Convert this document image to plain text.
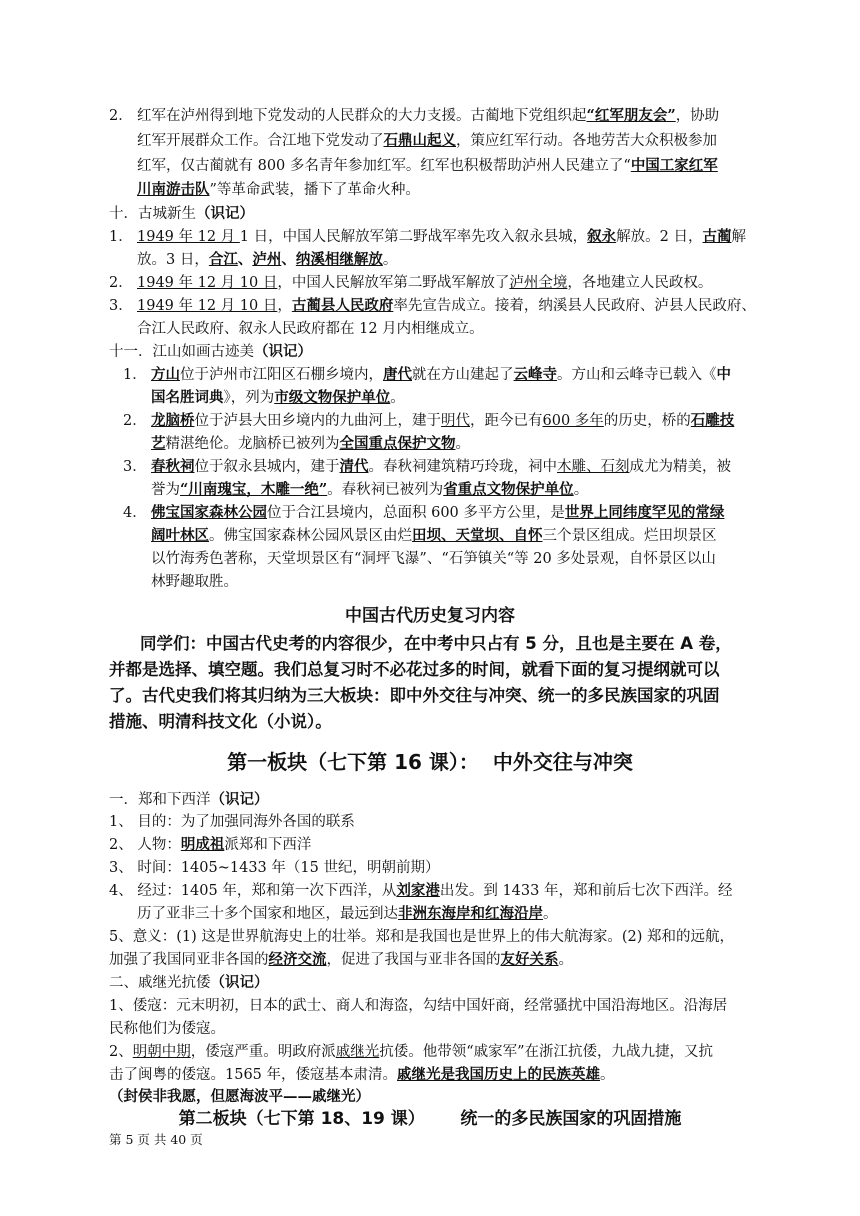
2． 红军在泸州得到地下党发动的人民群众的大力支援。古蔺地下党组织起“红军朋友会”，协助
红军开展群众工作。合江地下党发动了石鼎山起义，策应红军行动。各地劳苦大众积极参加
红军，仅古蔺就有 800 多名青年参加红军。红军也积极帮助泸州人民建立了“中国工家红军
川南游击队”等革命武装，播下了革命火种。
十．古城新生（识记）
1． 1949 年 12 月 1 日，中国人民解放军第二野战军率先攻入叙永县城，叙永解放。2 日，古蔺解
放。3 日，合江、泸州、纳溪相继解放。
2． 1949 年 12 月 10 日，中国人民解放军第二野战军解放了泸州全境，各地建立人民政权。
3． 1949 年 12 月 10 日，古蔺县人民政府率先宣告成立。接着，纳溪县人民政府、泸县人民政府、
合江人民政府、叙永人民政府都在 12 月内相继成立。
十一．江山如画古迹美（识记）
1． 方山位于泸州市江阳区石棚乡境内，唐代就在方山建起了云峰寺。方山和云峰寺已载入《中
国名胜词典》，列为市级文物保护单位。
2． 龙脑桥位于泸县大田乡境内的九曲河上，建于明代，距今已有600 多年的历史，桥的石雕技
艺精湛绝伦。龙脑桥已被列为全国重点保护文物。
3． 春秋祠位于叙永县城内，建于清代。春秋祠建筑精巧玲珑，祠中木雕、石刻成尤为精美，被
誉为“川南瑰宝，木雕一绝”。春秋祠已被列为省重点文物保护单位。
4． 佛宝国家森林公园位于合江县境内，总面积 600 多平方公里，是世界上同纬度罕见的常绿
阔叶林区。佛宝国家森林公园风景区由烂田坝、天堂坝、自怀三个景区组成。烂田坝景区
以竹海秀色著称，天堂坝景区有“洞坪飞瀑”、“石笋镇关“等 20 多处景观，自怀景区以山
林野趣取胜。
中国古代历史复习内容
同学们：中国古代史考的内容很少，在中考中只占有 5 分，且也是主要在 A 卷，
并都是选择、填空题。我们总复习时不必花过多的时间，就看下面的复习提纲就可以
了。古代史我们将其归纳为三大板块：即中外交往与冲突、统一的多民族国家的巩固
措施、明清科技文化（小说）。
第一板块（七下第 16 课）：  中外交往与冲突
一．郑和下西洋（识记）
1、 目的：为了加强同海外各国的联系
2、 人物：明成祖派郑和下西洋
3、 时间：1405~1433 年（15 世纪，明朝前期）
4、 经过：1405 年，郑和第一次下西洋，从刘家港出发。到 1433 年，郑和前后七次下西洋。经
历了亚非三十多个国家和地区，最远到达非洲东海岸和红海沿岸。
5、意义：(1) 这是世界航海史上的壮举。郑和是我国也是世界上的伟大航海家。(2) 郑和的远航，
加强了我国同亚非各国的经济交流，促进了我国与亚非各国的友好关系。
二、戚继光抗倭（识记）
1、倭寇：元末明初，日本的武士、商人和海盗，勾结中国奸商，经常骚扰中国沿海地区。沿海居
民称他们为倭寇。
2、明朝中期，倭寇严重。明政府派戚继光抗倭。他带领“戚家军”在浙江抗倭，九战九捷，又抗
击了闽粤的倭寇。1565 年，倭寇基本肃清。戚继光是我国历史上的民族英雄。
（封侯非我愿，但愿海波平——戚继光）
第二板块（七下第 18、19 课）      统一的多民族国家的巩固措施
第 5 页 共 40 页
